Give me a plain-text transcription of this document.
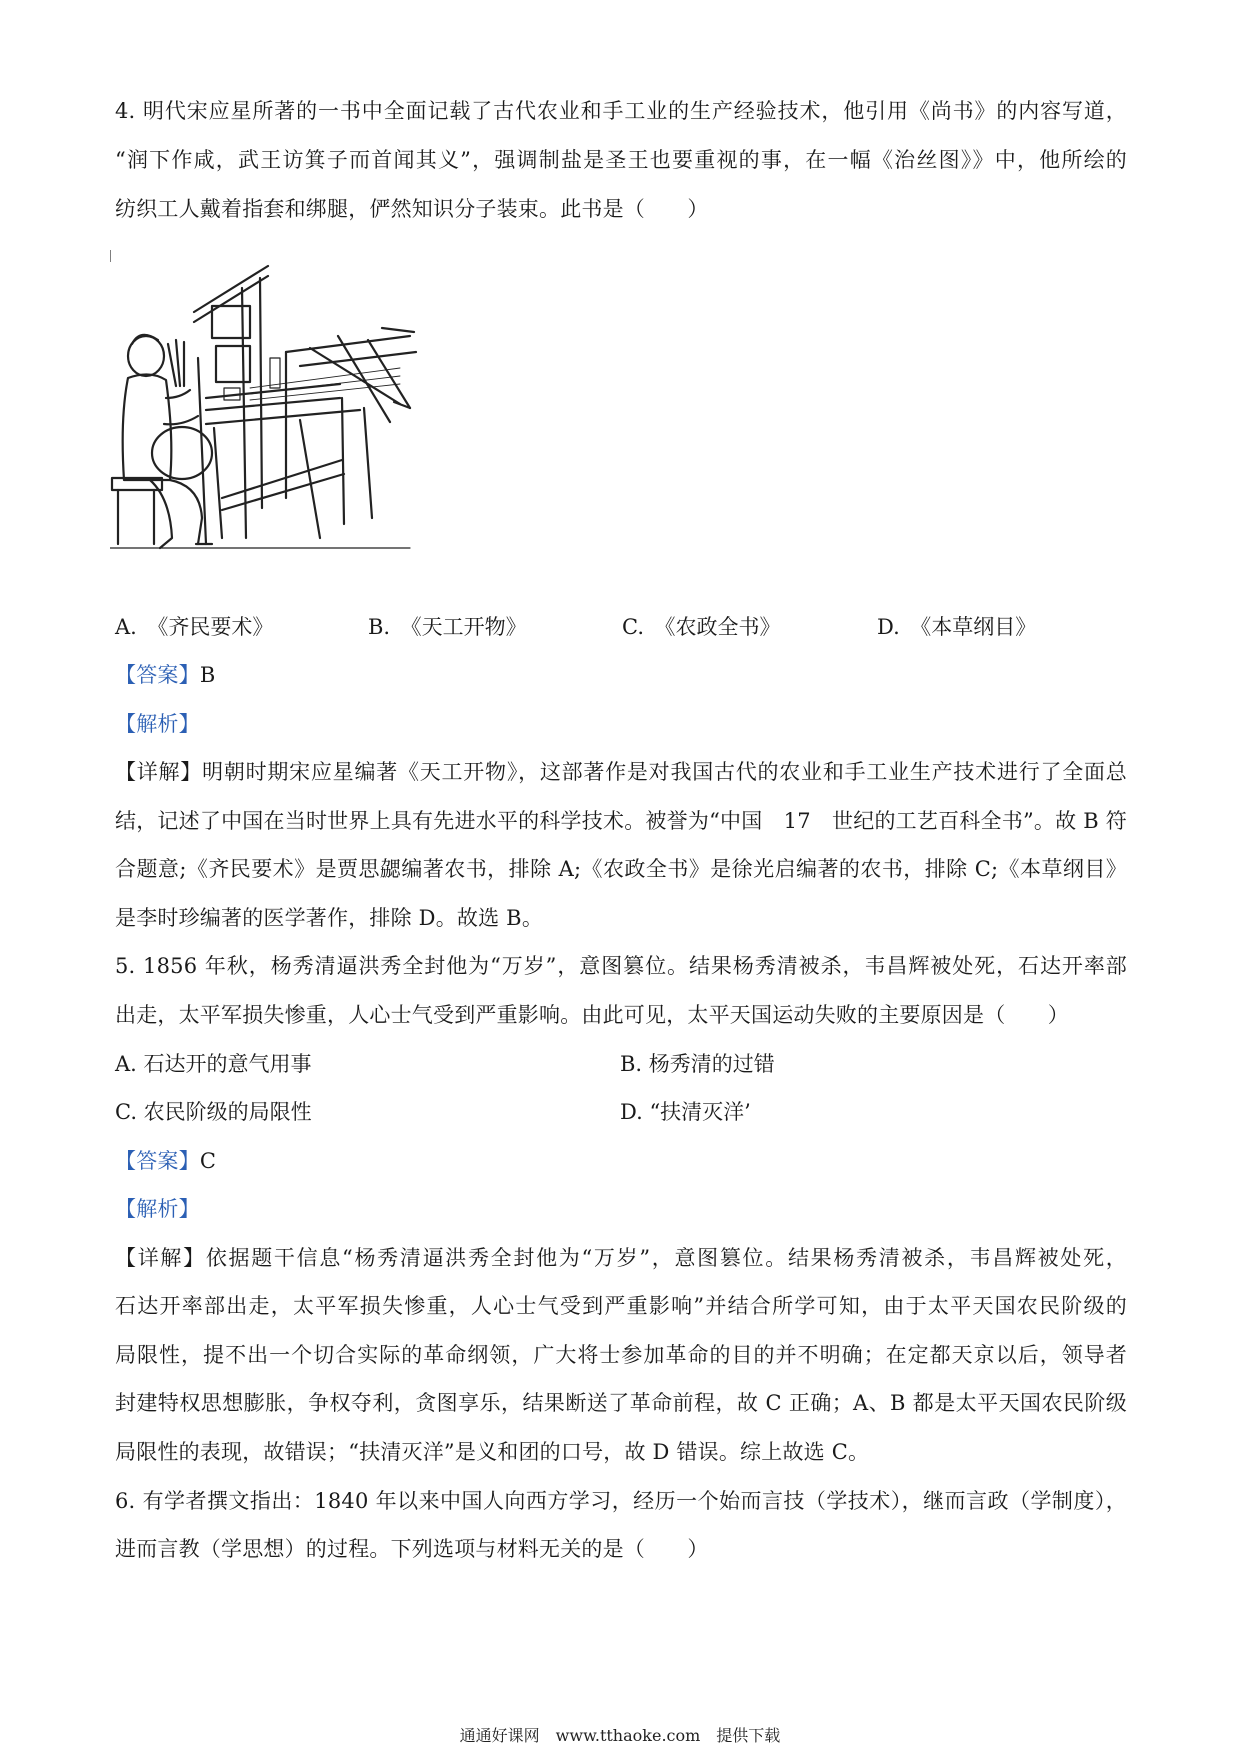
4. 明代宋应星所著的一书中全面记载了古代农业和手工业的生产经验技术，他引用《尚书》的内容写道，
“润下作咸，武王访箕子而首闻其义”，强调制盐是圣王也要重视的事，在一幅《治丝图》》中，他所绘的
纺织工人戴着指套和绑腿，俨然知识分子装束。此书是（　　）
A.　《齐民要术》	B.　《天工开物》	C.　《农政全书》	D.　《本草纲目》
【答案】B
【解析】
【详解】明朝时期宋应星编著《天工开物》，这部著作是对我国古代的农业和手工业生产技术进行了全面总
结，记述了中国在当时世界上具有先进水平的科学技术。被誉为“中国　17　世纪的工艺百科全书”。故 B 符
合题意;《齐民要术》是贾思勰编著农书，排除 A;《农政全书》是徐光启编著的农书，排除 C;《本草纲目》
是李时珍编著的医学著作，排除 D。故选 B。
5. 1856 年秋，杨秀清逼洪秀全封他为“万岁”，意图篡位。结果杨秀清被杀，韦昌辉被处死，石达开率部
出走，太平军损失惨重，人心士气受到严重影响。由此可见，太平天国运动失败的主要原因是（　　）
A. 石达开的意气用事	B. 杨秀清的过错
C. 农民阶级的局限性	D. “扶清灭洋’
【答案】C
【解析】
【详解】依据题干信息“杨秀清逼洪秀全封他为“万岁”，意图篡位。结果杨秀清被杀，韦昌辉被处死，
石达开率部出走，太平军损失惨重，人心士气受到严重影响”并结合所学可知，由于太平天国农民阶级的
局限性，提不出一个切合实际的革命纲领，广大将士参加革命的目的并不明确；在定都天京以后，领导者
封建特权思想膨胀，争权夺利，贪图享乐，结果断送了革命前程，故 C 正确；A、B 都是太平天国农民阶级
局限性的表现，故错误；“扶清灭洋”是义和团的口号，故 D 错误。综上故选 C。
6. 有学者撰文指出：1840 年以来中国人向西方学习，经历一个始而言技（学技术），继而言政（学制度），
进而言教（学思想）的过程。下列选项与材料无关的是（　　）
通通好课网　www.tthaoke.com　提供下载
